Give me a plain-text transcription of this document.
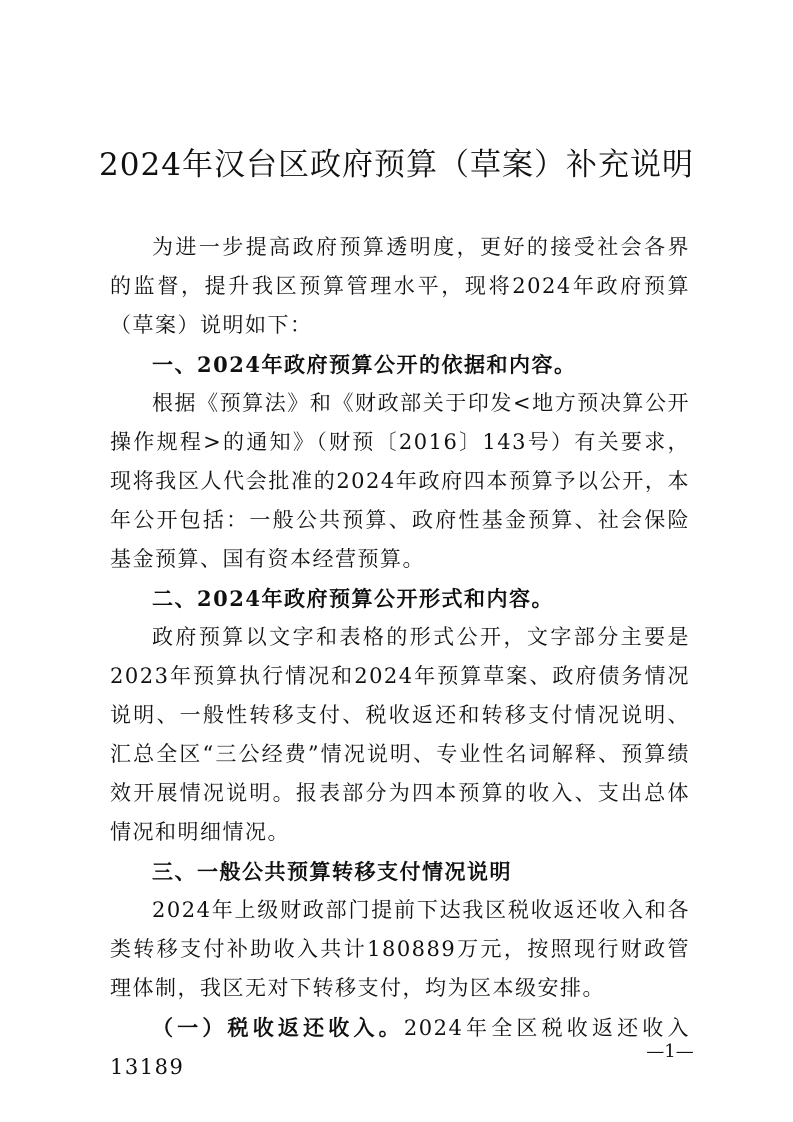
2024年汉台区政府预算（草案）补充说明

为进一步提高政府预算透明度，更好的接受社会各界的监督，提升我区预算管理水平，现将2024年政府预算（草案）说明如下：

一、2024年政府预算公开的依据和内容。

根据《预算法》和《财政部关于印发<地方预决算公开操作规程>的通知》（财预〔2016〕143号）有关要求，现将我区人代会批准的2024年政府四本预算予以公开，本年公开包括：一般公共预算、政府性基金预算、社会保险基金预算、国有资本经营预算。

二、2024年政府预算公开形式和内容。

政府预算以文字和表格的形式公开，文字部分主要是2023年预算执行情况和2024年预算草案、政府债务情况说明、一般性转移支付、税收返还和转移支付情况说明、汇总全区“三公经费”情况说明、专业性名词解释、预算绩效开展情况说明。报表部分为四本预算的收入、支出总体情况和明细情况。

三、一般公共预算转移支付情况说明

2024年上级财政部门提前下达我区税收返还收入和各类转移支付补助收入共计180889万元，按照现行财政管理体制，我区无对下转移支付，均为区本级安排。

（一）税收返还收入。2024年全区税收返还收入13189

—1—
